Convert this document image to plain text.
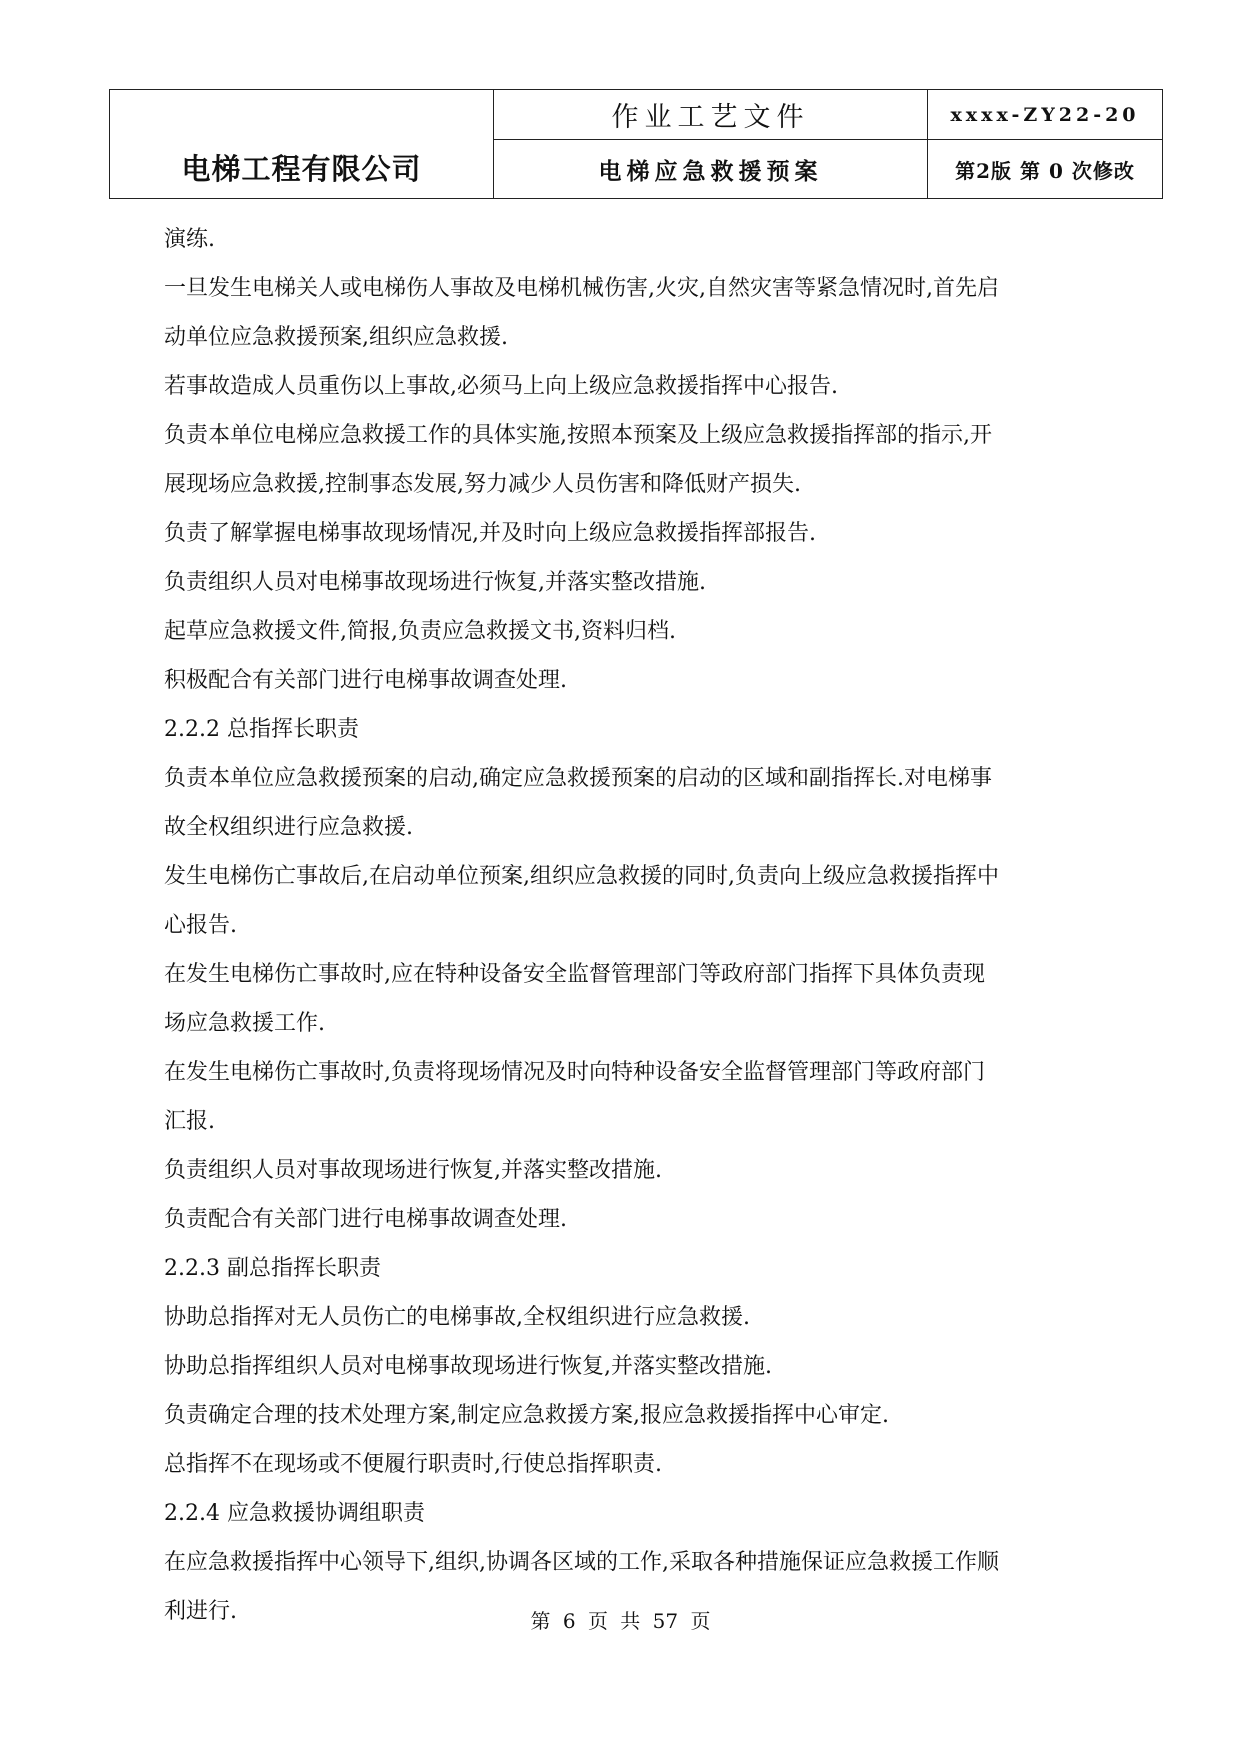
电梯工程有限公司	作业工艺文件	xxxx-ZY22-20
	电梯应急救援预案	第2版 第 0 次修改

演练.

一旦发生电梯关人或电梯伤人事故及电梯机械伤害,火灾,自然灾害等紧急情况时,首先启

动单位应急救援预案,组织应急救援.

若事故造成人员重伤以上事故,必须马上向上级应急救援指挥中心报告.

负责本单位电梯应急救援工作的具体实施,按照本预案及上级应急救援指挥部的指示,开

展现场应急救援,控制事态发展,努力减少人员伤害和降低财产损失.

负责了解掌握电梯事故现场情况,并及时向上级应急救援指挥部报告.

负责组织人员对电梯事故现场进行恢复,并落实整改措施.

起草应急救援文件,简报,负责应急救援文书,资料归档.

积极配合有关部门进行电梯事故调查处理.

2.2.2 总指挥长职责

负责本单位应急救援预案的启动,确定应急救援预案的启动的区域和副指挥长.对电梯事

故全权组织进行应急救援.

发生电梯伤亡事故后,在启动单位预案,组织应急救援的同时,负责向上级应急救援指挥中

心报告.

在发生电梯伤亡事故时,应在特种设备安全监督管理部门等政府部门指挥下具体负责现

场应急救援工作.

在发生电梯伤亡事故时,负责将现场情况及时向特种设备安全监督管理部门等政府部门

汇报.

负责组织人员对事故现场进行恢复,并落实整改措施.

负责配合有关部门进行电梯事故调查处理.

2.2.3 副总指挥长职责

协助总指挥对无人员伤亡的电梯事故,全权组织进行应急救援.

协助总指挥组织人员对电梯事故现场进行恢复,并落实整改措施.

负责确定合理的技术处理方案,制定应急救援方案,报应急救援指挥中心审定.

总指挥不在现场或不便履行职责时,行使总指挥职责.

2.2.4 应急救援协调组职责

在应急救援指挥中心领导下,组织,协调各区域的工作,采取各种措施保证应急救援工作顺

利进行.	第 6 页 共 57 页
